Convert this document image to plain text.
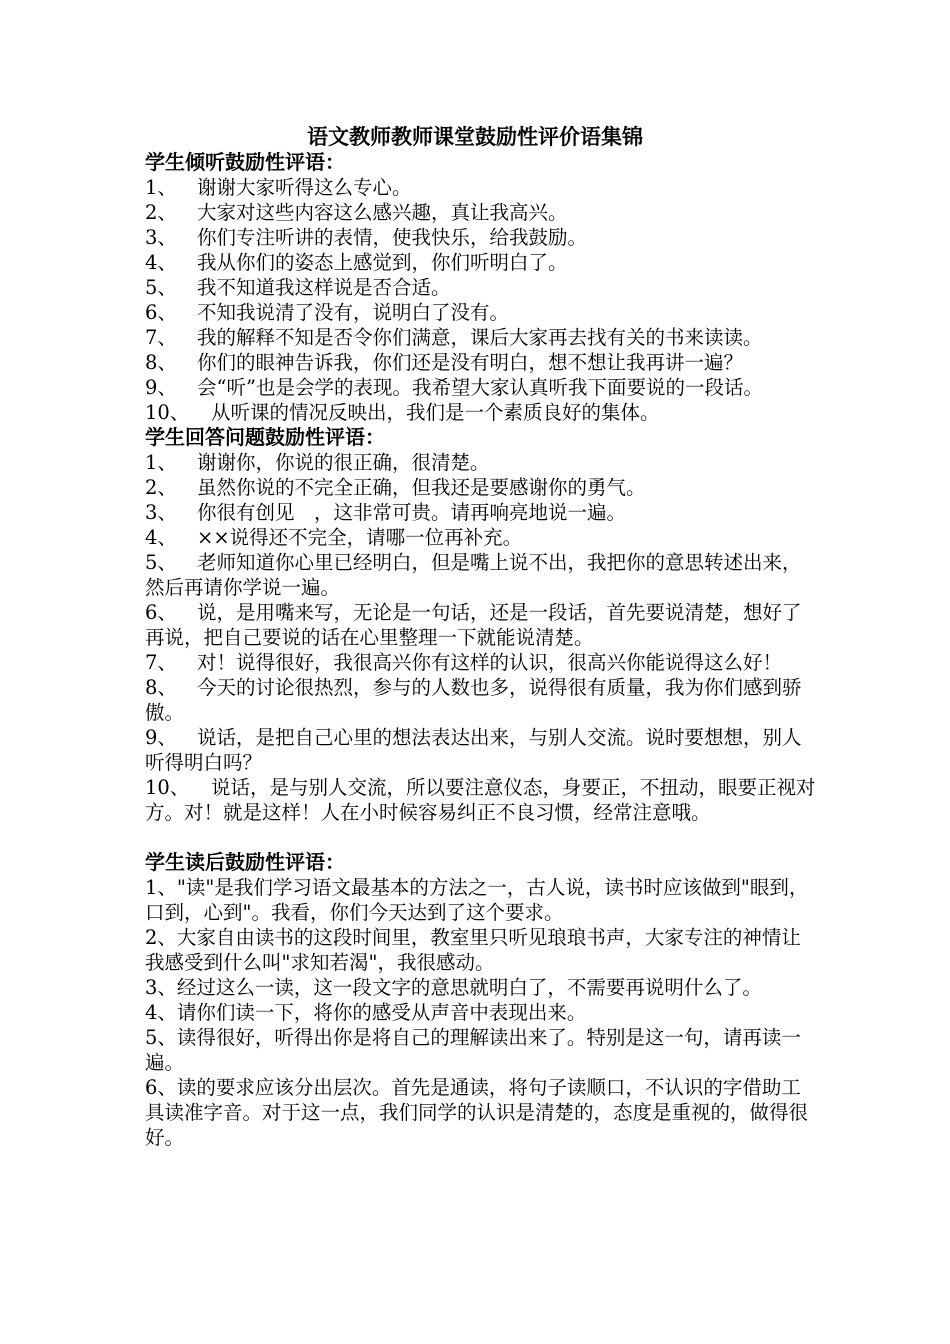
语文教师教师课堂鼓励性评价语集锦
学生倾听鼓励性评语：
1、 谢谢大家听得这么专心。
2、 大家对这些内容这么感兴趣，真让我高兴。
3、 你们专注听讲的表情，使我快乐，给我鼓励。
4、 我从你们的姿态上感觉到，你们听明白了。
5、 我不知道我这样说是否合适。
6、 不知我说清了没有，说明白了没有。
7、 我的解释不知是否令你们满意，课后大家再去找有关的书来读读。
8、 你们的眼神告诉我，你们还是没有明白，想不想让我再讲一遍？
9、 会“听”也是会学的表现。我希望大家认真听我下面要说的一段话。
10、 从听课的情况反映出，我们是一个素质良好的集体。
学生回答问题鼓励性评语：
1、 谢谢你，你说的很正确，很清楚。
2、 虽然你说的不完全正确，但我还是要感谢你的勇气。
3、 你很有创见　，这非常可贵。请再响亮地说一遍。
4、 ××说得还不完全，请哪一位再补充。
5、 老师知道你心里已经明白，但是嘴上说不出，我把你的意思转述出来，然后再请你学说一遍。
6、 说，是用嘴来写，无论是一句话，还是一段话，首先要说清楚，想好了再说，把自己要说的话在心里整理一下就能说清楚。
7、 对！说得很好，我很高兴你有这样的认识，很高兴你能说得这么好！
8、 今天的讨论很热烈，参与的人数也多，说得很有质量，我为你们感到骄傲。
9、 说话，是把自己心里的想法表达出来，与别人交流。说时要想想，别人听得明白吗？
10、 说话，是与别人交流，所以要注意仪态，身要正，不扭动，眼要正视对方。对！就是这样！人在小时候容易纠正不良习惯，经常注意哦。
学生读后鼓励性评语：
1、"读"是我们学习语文最基本的方法之一，古人说，读书时应该做到"眼到，口到，心到"。我看，你们今天达到了这个要求。
2、大家自由读书的这段时间里，教室里只听见琅琅书声，大家专注的神情让我感受到什么叫"求知若渴"，我很感动。
3、经过这么一读，这一段文字的意思就明白了，不需要再说明什么了。
4、请你们读一下，将你的感受从声音中表现出来。
5、读得很好，听得出你是将自己的理解读出来了。特别是这一句，请再读一遍。
6、读的要求应该分出层次。首先是通读，将句子读顺口，不认识的字借助工具读准字音。对于这一点，我们同学的认识是清楚的，态度是重视的，做得很好。
